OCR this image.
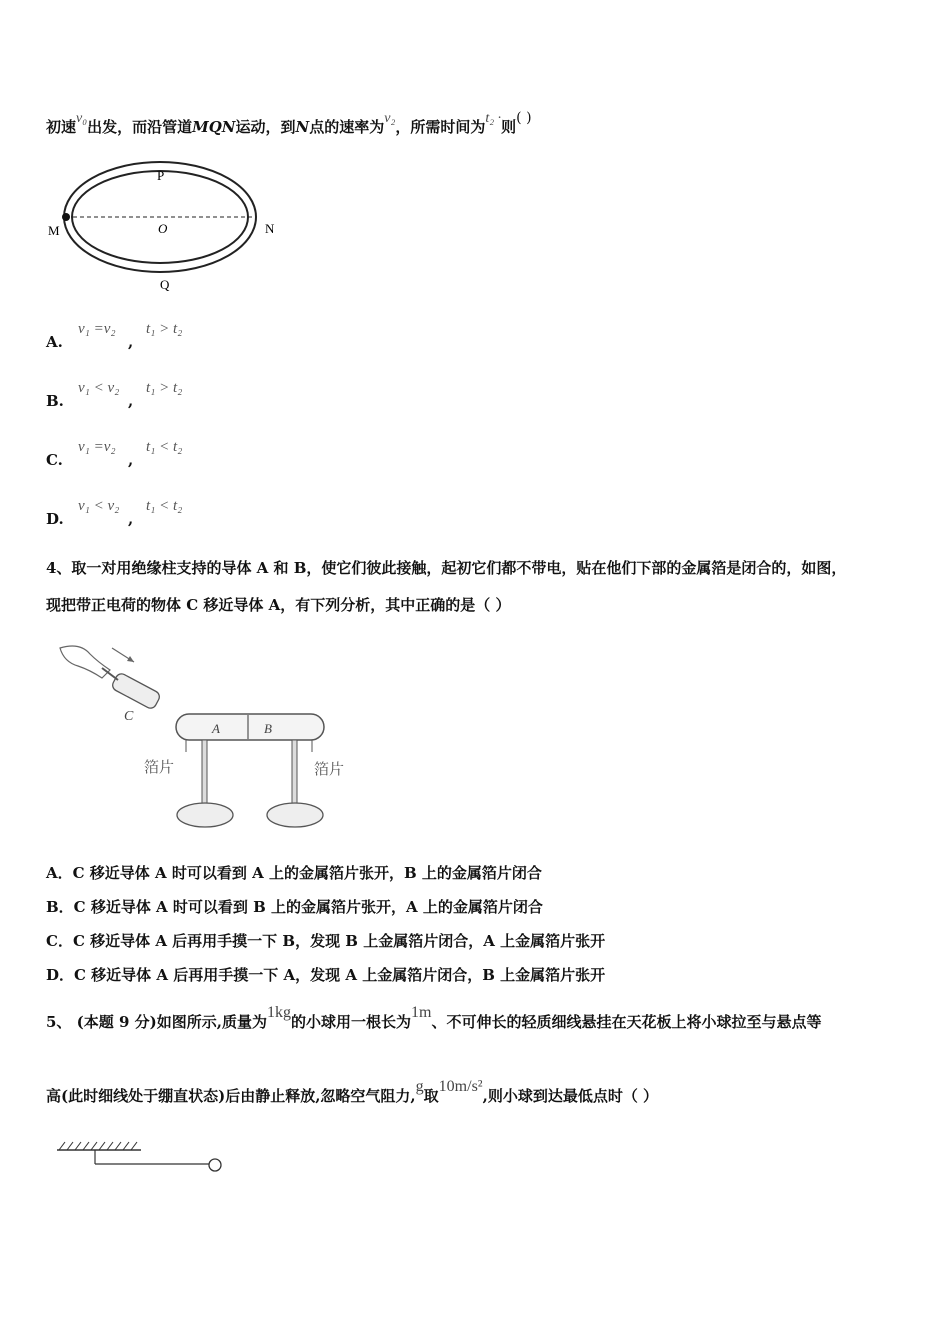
初速v₀出发，而沿管道MQN运动，到N点的速率为v₂，所需时间为t₂ ·则( )
P
O
M	N
Q
A.
v₁ =v₂
,
t₁ > t₂
B.
v₁ < v₂
,
t₁ > t₂
C.
v₁ =v₂
,
t₁ < t₂
D.
v₁ < v₂
,
t₁ < t₂
4、取一对用绝缘柱支持的导体 A 和 B，使它们彼此接触，起初它们都不带电，贴在他们下部的金属箔是闭合的，如图，
现把带正电荷的物体 C 移近导体 A，有下列分析，其中正确的是（ ）
C
A	B
箔片	箔片
A．C 移近导体 A 时可以看到 A 上的金属箔片张开，B 上的金属箔片闭合
B．C 移近导体 A 时可以看到 B 上的金属箔片张开，A 上的金属箔片闭合
C．C 移近导体 A 后再用手摸一下 B，发现 B 上金属箔片闭合，A 上金属箔片张开
D．C 移近导体 A 后再用手摸一下 A，发现 A 上金属箔片闭合，B 上金属箔片张开
5、 (本题 9 分)如图所示,质量为1kg的小球用一根长为1m、不可伸长的轻质细线悬挂在天花板上将小球拉至与悬点等
高(此时细线处于绷直状态)后由静止释放,忽略空气阻力,g取10m/s²,则小球到达最低点时（ ）
